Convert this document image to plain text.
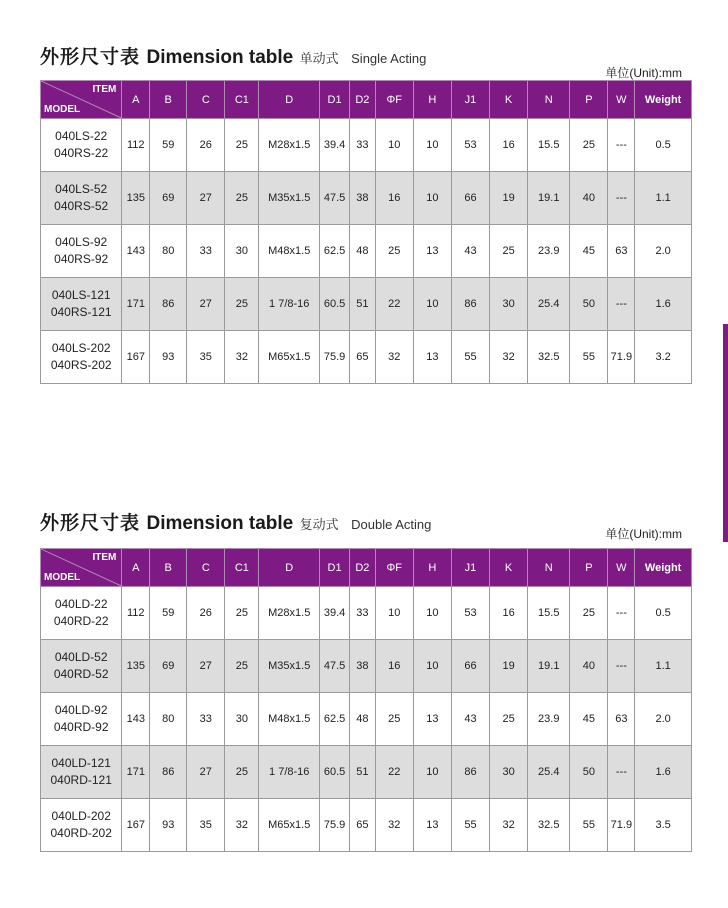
外形尺寸表 Dimension table 单动式 Single Acting
单位(Unit):mm
ITEM
MODEL	A	B	C	C1	D	D1	D2	ΦF	H	J1	K	N	P	W	Weight

040LS-22
040RS-22	112	59	26	25	M28x1.5	39.4	33	10	10	53	16	15.5	25	---	0.5

040LS-52
040RS-52	135	69	27	25	M35x1.5	47.5	38	16	10	66	19	19.1	40	---	1.1

040LS-92
040RS-92	143	80	33	30	M48x1.5	62.5	48	25	13	43	25	23.9	45	63	2.0

040LS-121
040RS-121	171	86	27	25	1 7/8-16	60.5	51	22	10	86	30	25.4	50	---	1.6

040LS-202
040RS-202	167	93	35	32	M65x1.5	75.9	65	32	13	55	32	32.5	55	71.9	3.2
外形尺寸表 Dimension table 复动式 Double Acting
单位(Unit):mm
ITEM
MODEL	A	B	C	C1	D	D1	D2	ΦF	H	J1	K	N	P	W	Weight

040LD-22
040RD-22	112	59	26	25	M28x1.5	39.4	33	10	10	53	16	15.5	25	---	0.5

040LD-52
040RD-52	135	69	27	25	M35x1.5	47.5	38	16	10	66	19	19.1	40	---	1.1

040LD-92
040RD-92	143	80	33	30	M48x1.5	62.5	48	25	13	43	25	23.9	45	63	2.0

040LD-121
040RD-121	171	86	27	25	1 7/8-16	60.5	51	22	10	86	30	25.4	50	---	1.6

040LD-202
040RD-202	167	93	35	32	M65x1.5	75.9	65	32	13	55	32	32.5	55	71.9	3.5
